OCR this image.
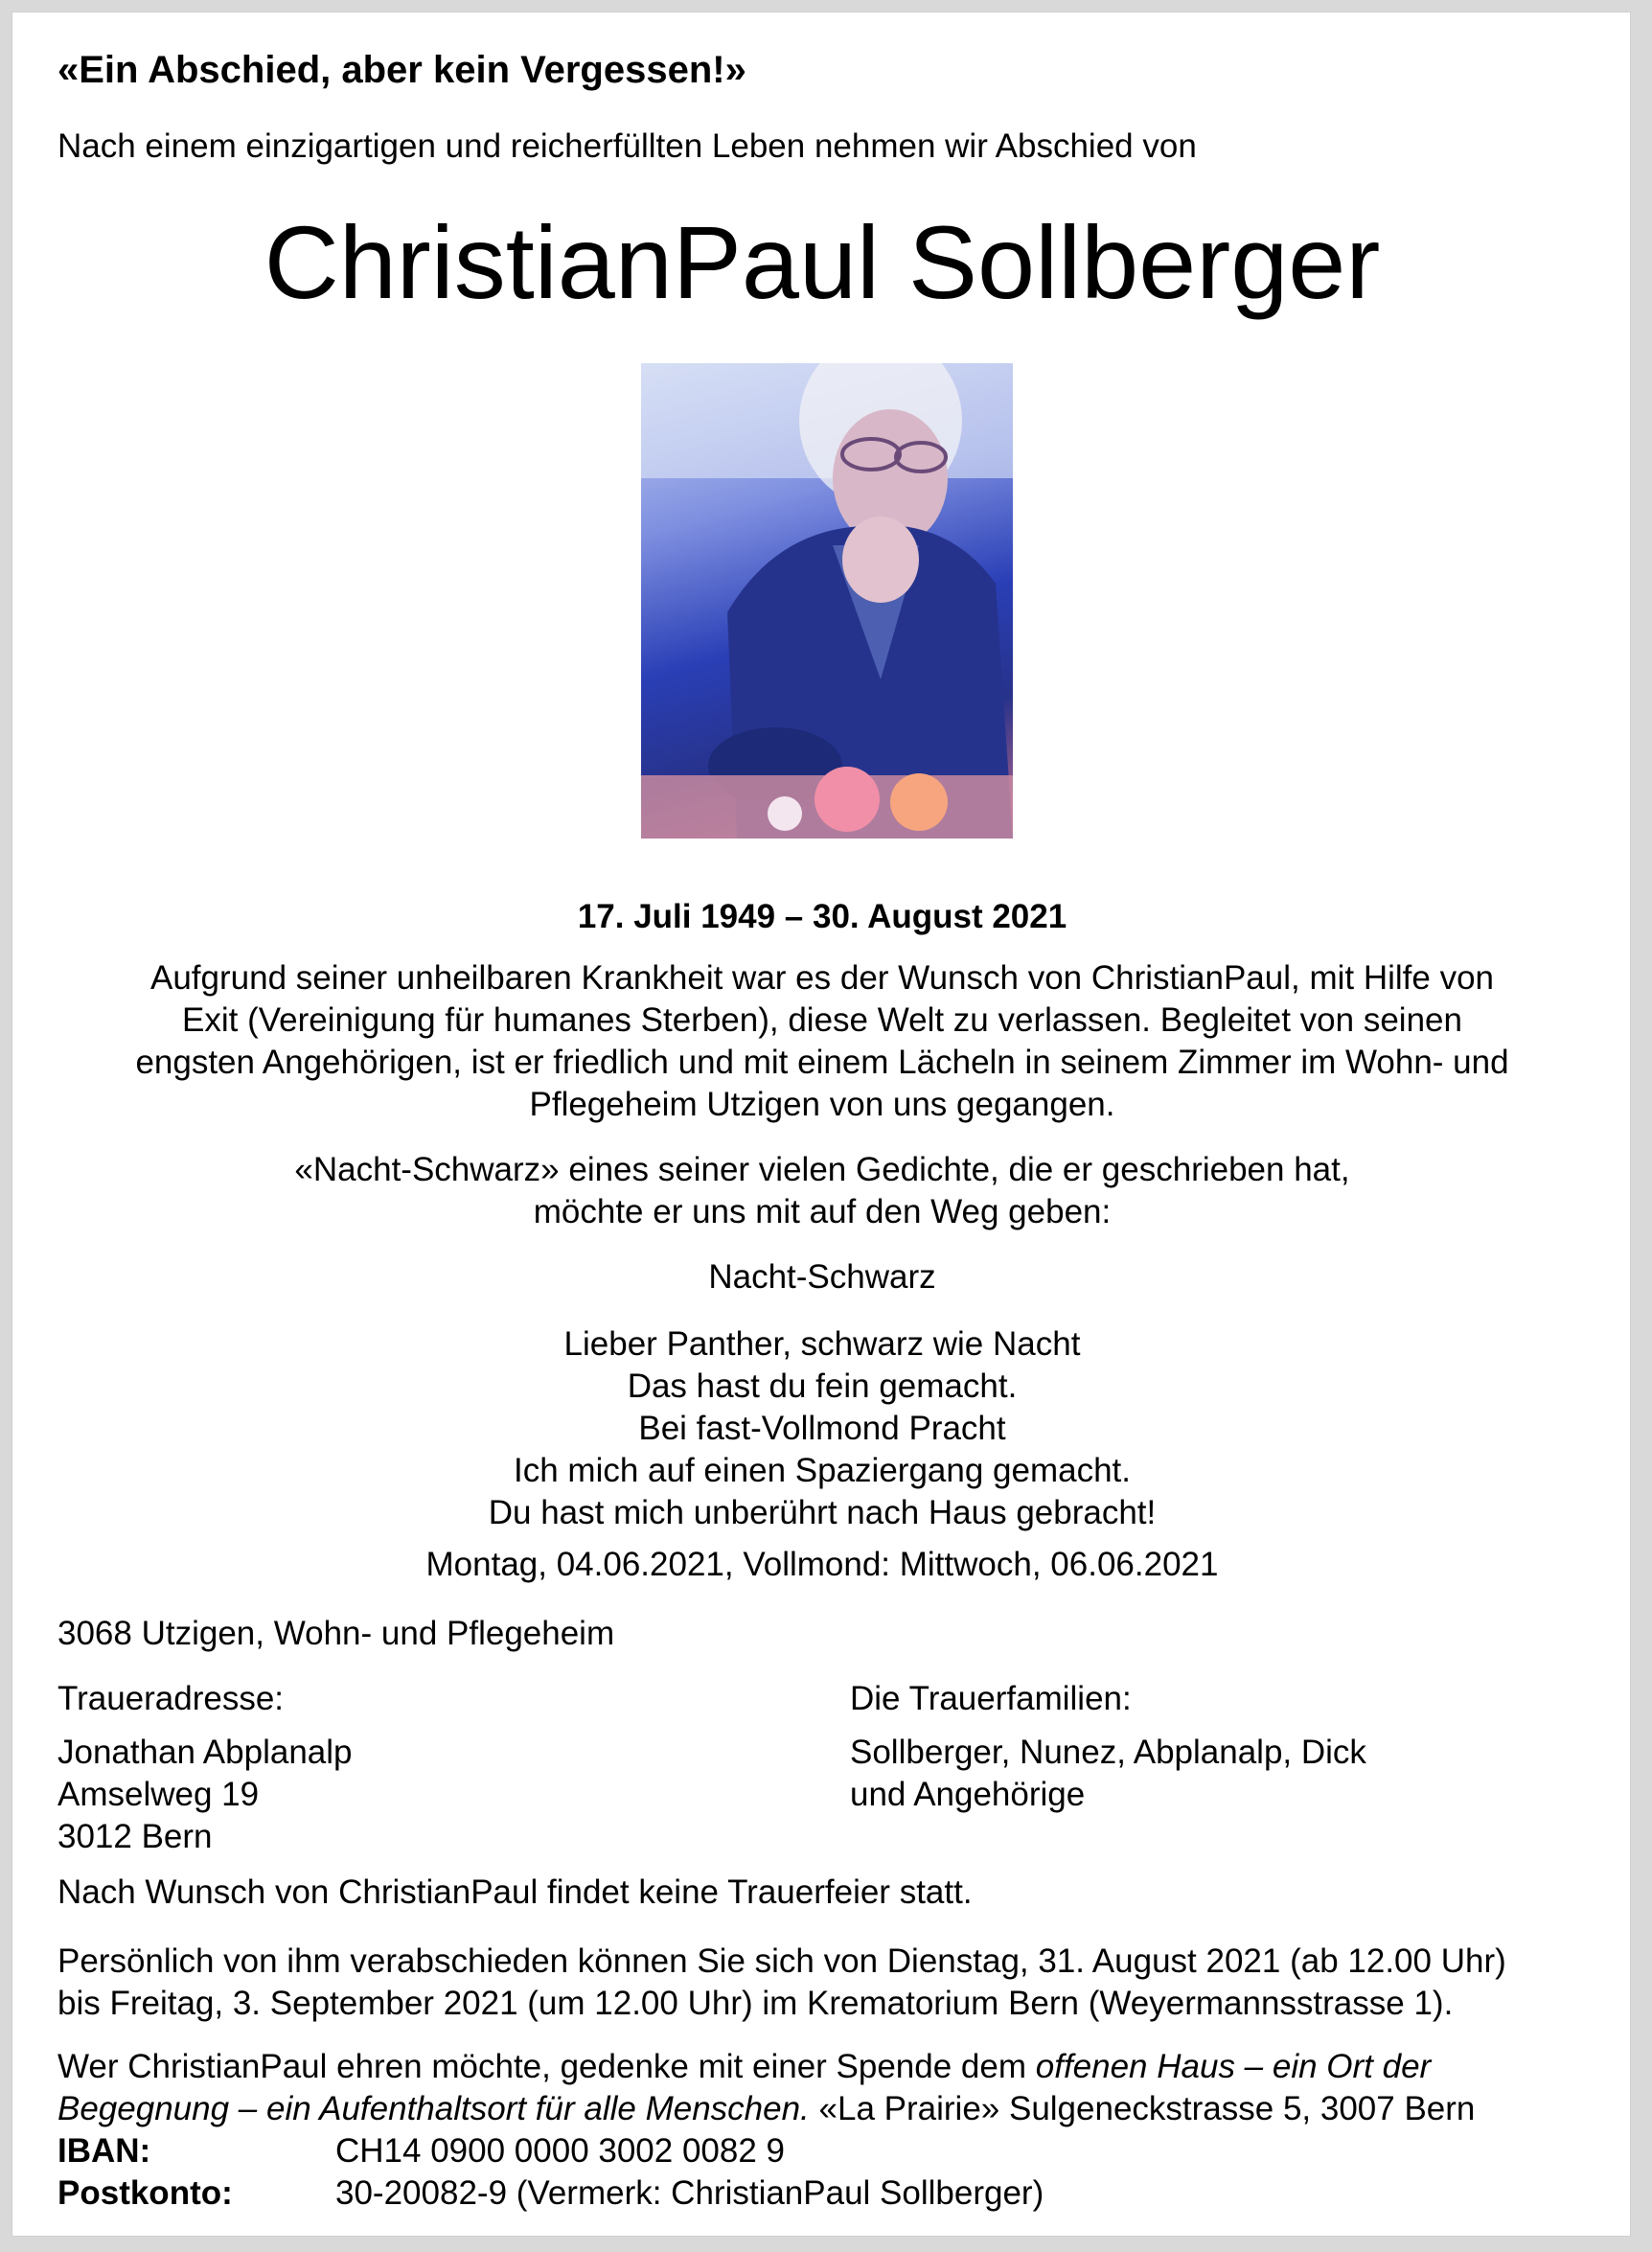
«Ein Abschied, aber kein Vergessen!»
Nach einem einzigartigen und reicherfüllten Leben nehmen wir Abschied von
ChristianPaul Sollberger
17. Juli 1949 – 30. August 2021
Aufgrund seiner unheilbaren Krankheit war es der Wunsch von ChristianPaul, mit Hilfe von
Exit (Vereinigung für humanes Sterben), diese Welt zu verlassen. Begleitet von seinen
engsten Angehörigen, ist er friedlich und mit einem Lächeln in seinem Zimmer im Wohn- und
Pflegeheim Utzigen von uns gegangen.
«Nacht-Schwarz» eines seiner vielen Gedichte, die er geschrieben hat,
möchte er uns mit auf den Weg geben:
Nacht-Schwarz
Lieber Panther, schwarz wie Nacht
Das hast du fein gemacht.
Bei fast-Vollmond Pracht
Ich mich auf einen Spaziergang gemacht.
Du hast mich unberührt nach Haus gebracht!
Montag, 04.06.2021, Vollmond: Mittwoch, 06.06.2021
3068 Utzigen, Wohn- und Pflegeheim
Traueradresse:
Jonathan Abplanalp
Amselweg 19
3012 Bern
Die Trauerfamilien:
Sollberger, Nunez, Abplanalp, Dick
und Angehörige
Nach Wunsch von ChristianPaul findet keine Trauerfeier statt.
Persönlich von ihm verabschieden können Sie sich von Dienstag, 31. August 2021 (ab 12.00 Uhr)
bis Freitag, 3. September 2021 (um 12.00 Uhr) im Krematorium Bern (Weyermannsstrasse 1).
Wer ChristianPaul ehren möchte, gedenke mit einer Spende dem offenen Haus – ein Ort der
Begegnung – ein Aufenthaltsort für alle Menschen. «La Prairie» Sulgeneckstrasse 5, 3007 Bern
IBAN:	CH14 0900 0000 3002 0082 9
Postkonto:	30-20082-9 (Vermerk: ChristianPaul Sollberger)
